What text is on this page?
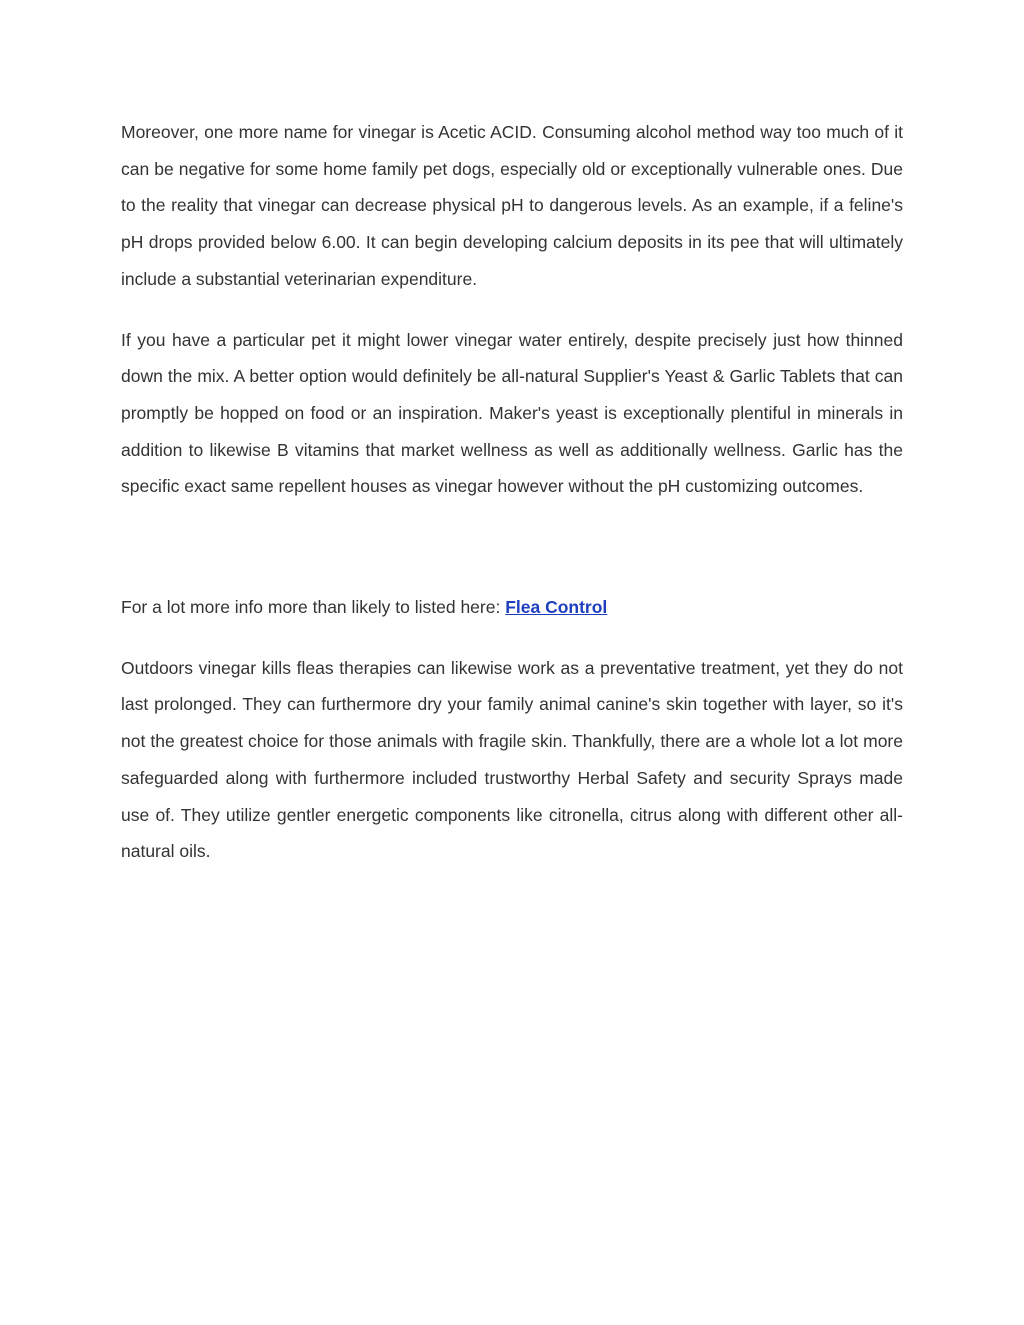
Moreover, one more name for vinegar is Acetic ACID. Consuming alcohol method way too much of it can be negative for some home family pet dogs, especially old or exceptionally vulnerable ones. Due to the reality that vinegar can decrease physical pH to dangerous levels. As an example, if a feline's pH drops provided below 6.00. It can begin developing calcium deposits in its pee that will ultimately include a substantial veterinarian expenditure.

If you have a particular pet it might lower vinegar water entirely, despite precisely just how thinned down the mix. A better option would definitely be all-natural Supplier's Yeast & Garlic Tablets that can promptly be hopped on food or an inspiration. Maker's yeast is exceptionally plentiful in minerals in addition to likewise B vitamins that market wellness as well as additionally wellness. Garlic has the specific exact same repellent houses as vinegar however without the pH customizing outcomes.

For a lot more info more than likely to listed here: Flea Control

Outdoors vinegar kills fleas therapies can likewise work as a preventative treatment, yet they do not last prolonged. They can furthermore dry your family animal canine's skin together with layer, so it's not the greatest choice for those animals with fragile skin. Thankfully, there are a whole lot a lot more safeguarded along with furthermore included trustworthy Herbal Safety and security Sprays made use of. They utilize gentler energetic components like citronella, citrus along with different other all-natural oils.
